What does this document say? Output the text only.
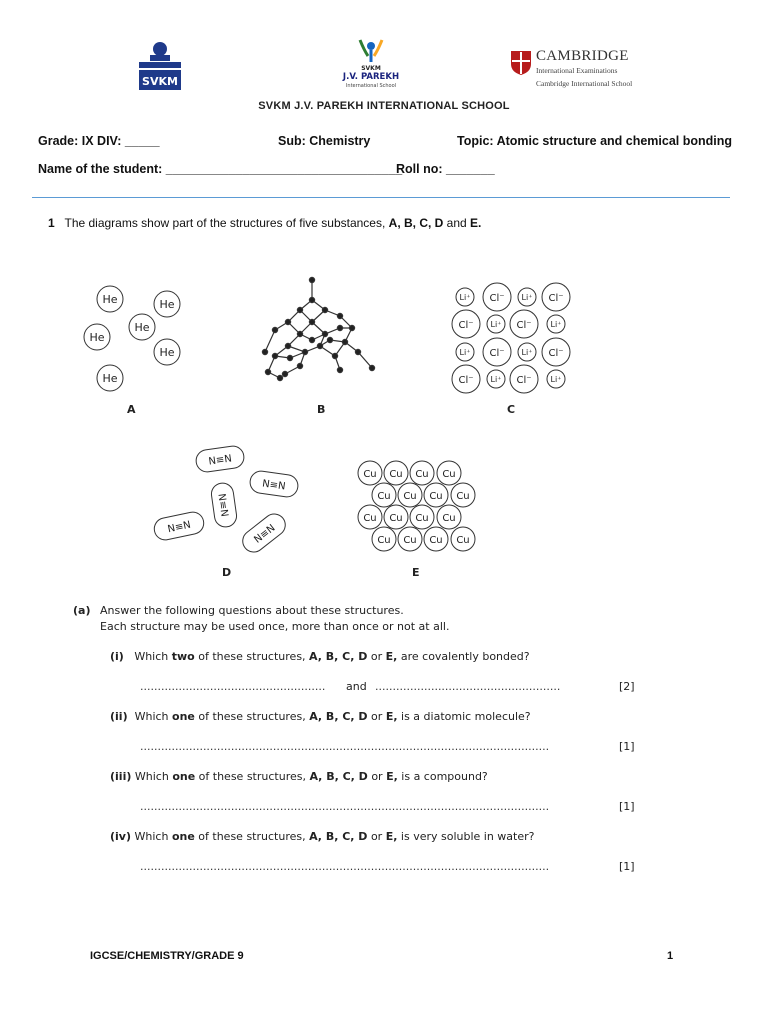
SVKM
SVKM
J.V. PAREKH
International School
CAMBRIDGE
International Examinations
Cambridge International School
SVKM J.V. PAREKH INTERNATIONAL SCHOOL
Grade: IX DIV: _____	Sub: Chemistry	Topic: Atomic structure and chemical bonding
Name of the student: __________________________________
Roll no: _______
1 The diagrams show part of the structures of five substances, A, B, C, D and E.
He	He
He
He
He
He
Li⁺ Cl⁻ Li⁺ Cl⁻
Cl⁻ Li⁺ Cl⁻ Li⁺
Li⁺ Cl⁻ Li⁺ Cl⁻
Cl⁻ Li⁺ Cl⁻ Li⁺
N≡N
N≡N
N≡N
N≡N
N≡N
Cu Cu Cu Cu
Cu Cu Cu Cu
Cu Cu Cu Cu
Cu Cu Cu Cu
A	B	C
D	E
(a) Answer the following questions about these structures.
Each structure may be used once, more than once or not at all.
(i) Which two of these structures, A, B, C, D or E, are covalently bonded?
..................................................... and .....................................................	[2]
(ii) Which one of these structures, A, B, C, D or E, is a diatomic molecule?
.....................................................................................................................	[1]
(iii) Which one of these structures, A, B, C, D or E, is a compound?
.....................................................................................................................	[1]
(iv) Which one of these structures, A, B, C, D or E, is very soluble in water?
.....................................................................................................................	[1]
IGCSE/CHEMISTRY/GRADE 9	1
